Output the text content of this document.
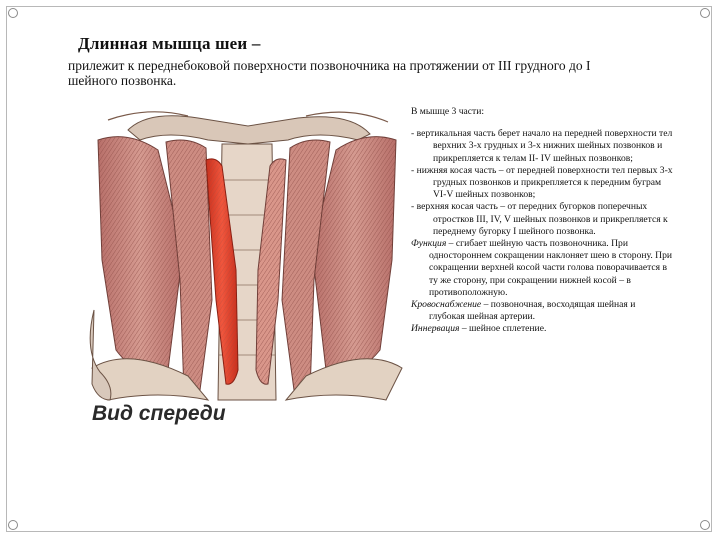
Длинная мышца шеи –
прилежит к переднебоковой поверхности позвоночника на протяжении от III грудного до I шейного позвонка.
Вид спереди

В мышце 3 части:

- вертикальная часть берет начало на передней поверхности тел верхних 3-х грудных и 3-х нижних шейных позвонков и прикрепляется к телам II- IV шейных позвонков;

- нижняя косая часть – от передней поверхности тел первых 3-х грудных позвонков и прикрепляется к передним буграм VI-V шейных позвонков;

- верхняя косая часть – от передних бугорков поперечных отростков III, IV, V шейных позвонков и прикрепляется к переднему бугорку I шейного позвонка.

Функция – сгибает шейную часть позвоночника. При одностороннем сокращении наклоняет шею в сторону. При сокращении верхней косой части голова поворачивается в ту же сторону, при сокращении нижней косой – в противоположную.

Кровоснабжение – позвоночная, восходящая шейная и глубокая шейная артерии.

Иннервация – шейное сплетение.
